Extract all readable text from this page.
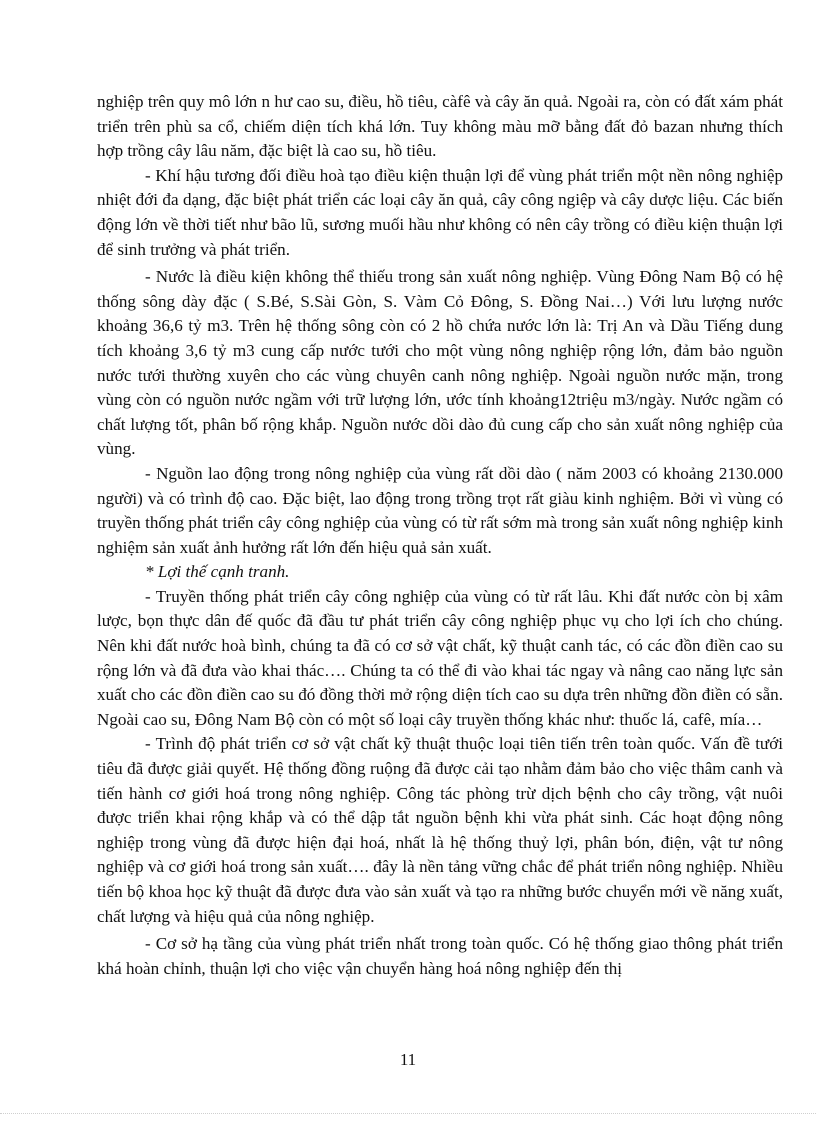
nghiệp trên quy mô lớn n hư cao su, điều, hồ tiêu, càfê và cây ăn quả. Ngoài ra, còn có đất xám phát triển trên phù sa cổ, chiếm diện tích khá lớn. Tuy không màu mỡ bằng đất đỏ bazan nhưng thích hợp trồng cây lâu năm, đặc biệt là cao su, hồ tiêu.

- Khí hậu tương đối điều hoà tạo điều kiện thuận lợi để vùng phát triển một nền nông nghiệp nhiệt đới đa dạng, đặc biệt phát triển các loại cây ăn quả, cây công ngiệp và cây dược liệu. Các biến động lớn về thời tiết như bão lũ, sương muối hầu như không có nên cây trồng có điều kiện thuận lợi để sinh trưởng và phát triển.

- Nước là điều kiện không thể thiếu trong sản xuất nông nghiệp. Vùng Đông Nam Bộ có hệ thống sông dày đặc ( S.Bé, S.Sài Gòn, S. Vàm Cỏ Đông, S. Đồng Nai…) Với lưu lượng nước khoảng 36,6 tỷ m3. Trên hệ thống sông còn có 2 hồ chứa nước lớn là: Trị An và Dầu Tiếng dung tích khoảng 3,6 tỷ m3 cung cấp nước tưới cho một vùng nông nghiệp rộng lớn, đảm bảo nguồn nước tưới thường xuyên cho các vùng chuyên canh nông nghiệp. Ngoài nguồn nước mặn, trong vùng còn có nguồn nước ngầm với trữ lượng lớn, ước tính khoảng12triệu m3/ngày. Nước ngầm có chất lượng tốt, phân bố rộng khắp. Nguồn nước dồi dào đủ cung cấp cho sản xuất nông nghiệp của vùng.

- Nguồn lao động trong nông nghiệp của vùng rất dồi dào ( năm 2003 có khoảng 2130.000 người) và có trình độ cao. Đặc biệt, lao động trong trồng trọt rất giàu kinh nghiệm. Bởi vì vùng có truyền thống phát triển cây công nghiệp của vùng có từ rất sớm mà trong sản xuất nông nghiệp kinh nghiệm sản xuất ảnh hưởng rất lớn đến hiệu quả sản xuất.

* Lợi thế cạnh tranh.

- Truyền thống phát triển cây công nghiệp của vùng có từ rất lâu. Khi đất nước còn bị xâm lược, bọn thực dân đế quốc đã đầu tư phát triển cây công nghiệp phục vụ cho lợi ích cho chúng. Nên khi đất nước hoà bình, chúng ta đã có cơ sở vật chất, kỹ thuật canh tác, có các đồn điền cao su rộng lớn và đã đưa vào khai thác…. Chúng ta có thể đi vào khai tác ngay và nâng cao năng lực sản xuất cho các đồn điền cao su đó đồng thời mở rộng diện tích cao su dựa trên những đồn điền có sẵn. Ngoài cao su, Đông Nam Bộ còn có một số loại cây truyền thống khác như: thuốc lá, cafê, mía…

- Trình độ phát triển cơ sở vật chất kỹ thuật thuộc loại tiên tiến trên toàn quốc. Vấn đề tưới tiêu đã được giải quyết. Hệ thống đồng ruộng đã được cải tạo nhằm đảm bảo cho việc thâm canh và tiến hành cơ giới hoá trong nông nghiệp. Công tác phòng trừ dịch bệnh cho cây trồng, vật nuôi được triển khai rộng khắp và có thể dập tắt nguồn bệnh khi vừa phát sinh. Các hoạt động nông nghiệp trong vùng đã được hiện đại hoá, nhất là hệ thống thuỷ lợi, phân bón, điện, vật tư nông nghiệp và cơ giới hoá trong sản xuất…. đây là nền tảng vững chắc để phát triển nông nghiệp. Nhiều tiến bộ khoa học kỹ thuật đã được đưa vào sản xuất và tạo ra những bước chuyển mới về năng xuất, chất lượng và hiệu quả của nông nghiệp.

- Cơ sở hạ tầng của vùng phát triển nhất trong toàn quốc. Có hệ thống giao thông phát triển khá hoàn chỉnh, thuận lợi cho việc vận chuyển hàng hoá nông nghiệp đến thị

11
